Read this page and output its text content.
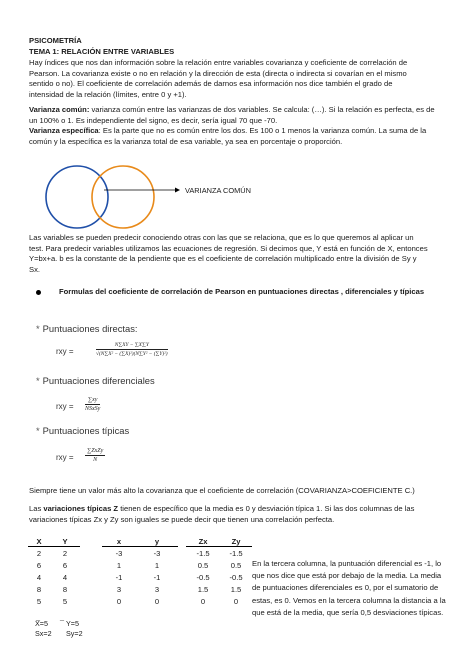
PSICOMETRÍA

TEMA 1: RELACIÓN ENTRE VARIABLES

Hay índices que nos dan información sobre la relación entre variables covarianza y coeficiente de correlación de

Pearson. La covarianza existe o no en relación y la dirección de esta (directa o indirecta si covarían en el mismo

sentido o no). El coeficiente de correlación además de darnos esa información nos dice también el grado de

intensidad de la relación (límites, entre 0 y +1).

Varianza común: varianza común entre las varianzas de dos variables. Se calcula: (…). Si la relación es perfecta, es de

un 100% o 1. Es independiente del signo, es decir, sería igual 70 que -70.

Varianza específica: Es la parte que no es común entre los dos. Es 100 o 1 menos la varianza común. La suma de la

común y la específica es la varianza total de esa variable, ya sea en porcentaje o proporción.

VARIANZA COMÚN

Las variables se pueden predecir conociendo otras con las que se relaciona, que es lo que queremos al aplicar un

test. Para predecir variables utilizamos las ecuaciones de regresión. Si decimos que, Y está en función de X, entonces

Y=bx+a. b es la constante de la pendiente que es el coeficiente de correlación multiplicado entre la división de Sy y

Sx.

Formulas del coeficiente de correlación de Pearson en puntuaciones directas , diferenciales y típicas
* Puntuaciones directas:
rxy =	$\frac{N\sum XY - \sum X\sum Y}{\text{√(N∑X² − (∑X)²)(N∑Y² − (∑Y)²)}}$
* Puntuaciones diferenciales
rxy =
∑xy
NSxSy
* Puntuaciones típicas
rxy =
∑ZxZy
N

Siempre tiene un valor más alto la covarianza que el coeficiente de correlación (COVARIANZA>COEFICIENTE C.)

Las variaciones típicas Z tienen de específico que la media es 0 y desviación típica 1. Si las dos columnas de las

variaciones típicas Zx y Zy son iguales se puede decir que tienen una correlación perfecta.

X	Y		x	y		Zx	Zy
2	2		-3	-3		-1.5	-1.5
6	6		1	1		0.5	0.5
4	4		-1	-1		-0.5	-0.5
8	8		3	3		1.5	1.5
5	5		0	0		0	0
_          _
X=5	Y=5
Sx=2 Sy=2
En la tercera columna, la puntuación diferencial es -1, lo
que nos dice que está por debajo de la media. La media
de puntuaciones diferenciales es 0, por el sumatorio de
estas, es 0. Vemos en la tercera columna la distancia a la
que está de la media, que sería 0,5 desviaciones típicas.
